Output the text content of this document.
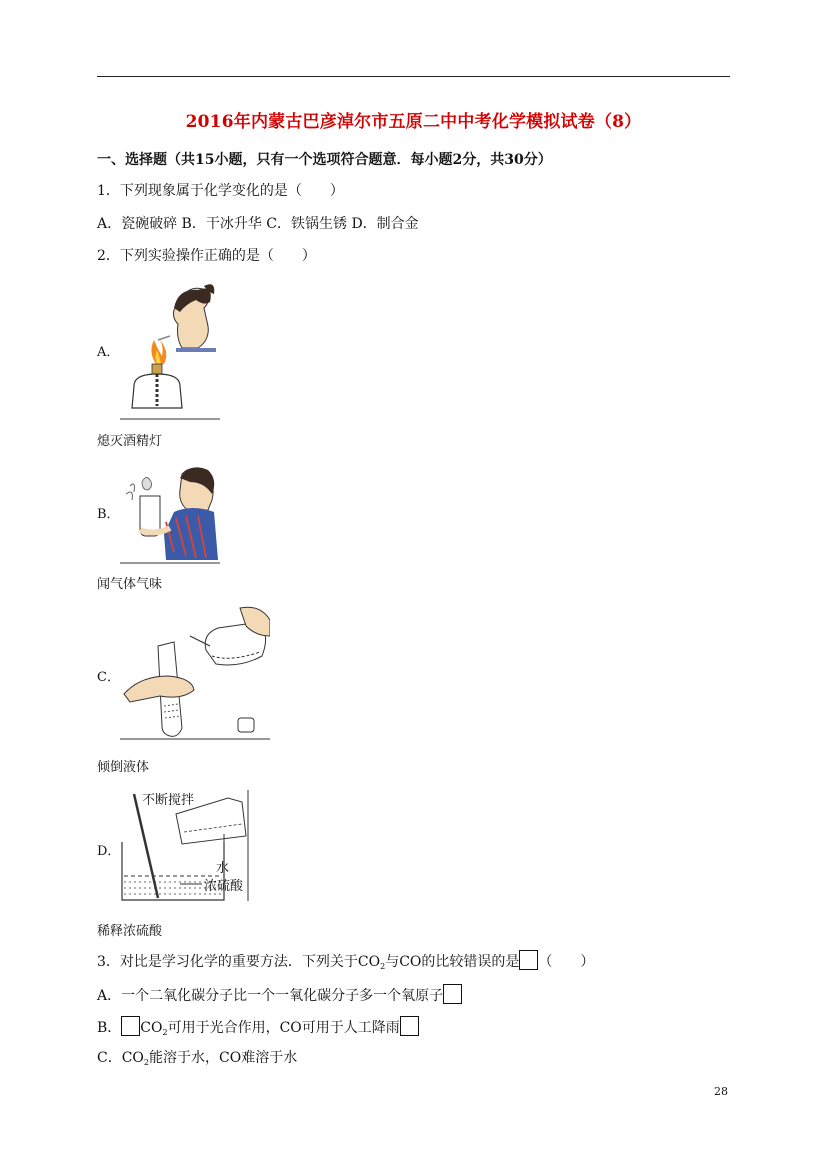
2016年内蒙古巴彦淖尔市五原二中中考化学模拟试卷（8）
一、选择题（共15小题，只有一个选项符合题意．每小题2分，共30分）
1．下列现象属于化学变化的是（　　）
A．瓷碗破碎 B．干冰升华 C．铁锅生锈 D．制合金
2．下列实验操作正确的是（　　）
A．
熄灭酒精灯
B．
闻气体气味
C．
倾倒液体
D．
不断搅拌
水
浓硫酸
稀释浓硫酸
3．对比是学习化学的重要方法．下列关于$CO_2$与CO的比较错误的是 （　　）
A．一个二氧化碳分子比一个一氧化碳分子多一个氧原子
B． $CO_2$可用于光合作用，CO可用于人工降雨
C．$CO_2$能溶于水，CO难溶于水
28
